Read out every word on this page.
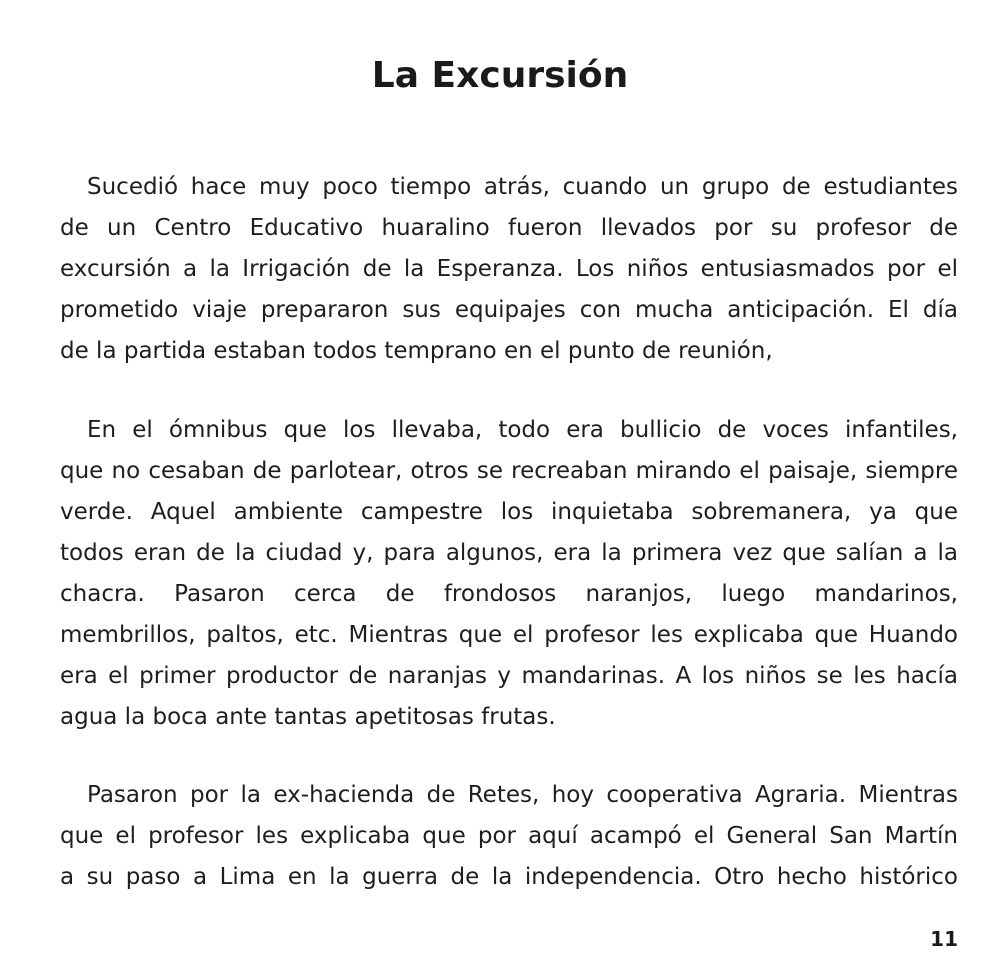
La Excursión
Sucedió hace muy poco tiempo atrás, cuando un grupo de estudiantes
de un Centro Educativo huaralino fueron llevados por su profesor de
excursión a la Irrigación de la Esperanza. Los niños entusiasmados por el
prometido viaje prepararon sus equipajes con mucha anticipación. El día
de la partida estaban todos temprano en el punto de reunión,
En el ómnibus que los llevaba, todo era bullicio de voces infantiles,
que no cesaban de parlotear, otros se recreaban mirando el paisaje, siempre
verde. Aquel ambiente campestre los inquietaba sobremanera, ya que
todos eran de la ciudad y, para algunos, era la primera vez que salían a la
chacra. Pasaron cerca de frondosos naranjos, luego mandarinos,
membrillos, paltos, etc. Mientras que el profesor les explicaba que Huando
era el primer productor de naranjas y mandarinas. A los niños se les hacía
agua la boca ante tantas apetitosas frutas.
Pasaron por la ex-hacienda de Retes, hoy cooperativa Agraria. Mientras
que el profesor les explicaba que por aquí acampó el General San Martín
a su paso a Lima en la guerra de la independencia. Otro hecho histórico
11
